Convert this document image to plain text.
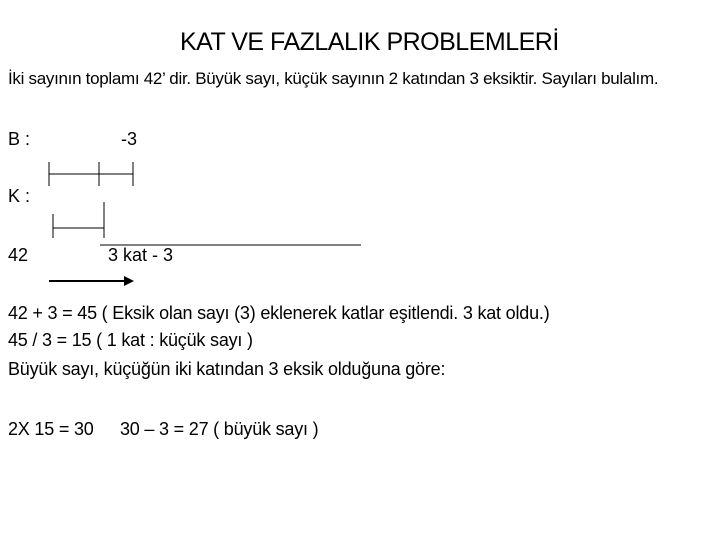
KAT VE FAZLALIK PROBLEMLERİ
İki sayının toplamı 42’ dir. Büyük sayı, küçük sayının 2 katından 3 eksiktir. Sayıları bulalım.
B :	-3
K :
42	3 kat - 3
42 + 3 = 45 ( Eksik olan sayı (3) eklenerek katlar eşitlendi. 3 kat oldu.)
45 / 3 = 15 ( 1 kat : küçük sayı )
Büyük sayı, küçüğün iki katından 3 eksik olduğuna göre:
2X 15 = 30 30 – 3 = 27 ( büyük sayı )
